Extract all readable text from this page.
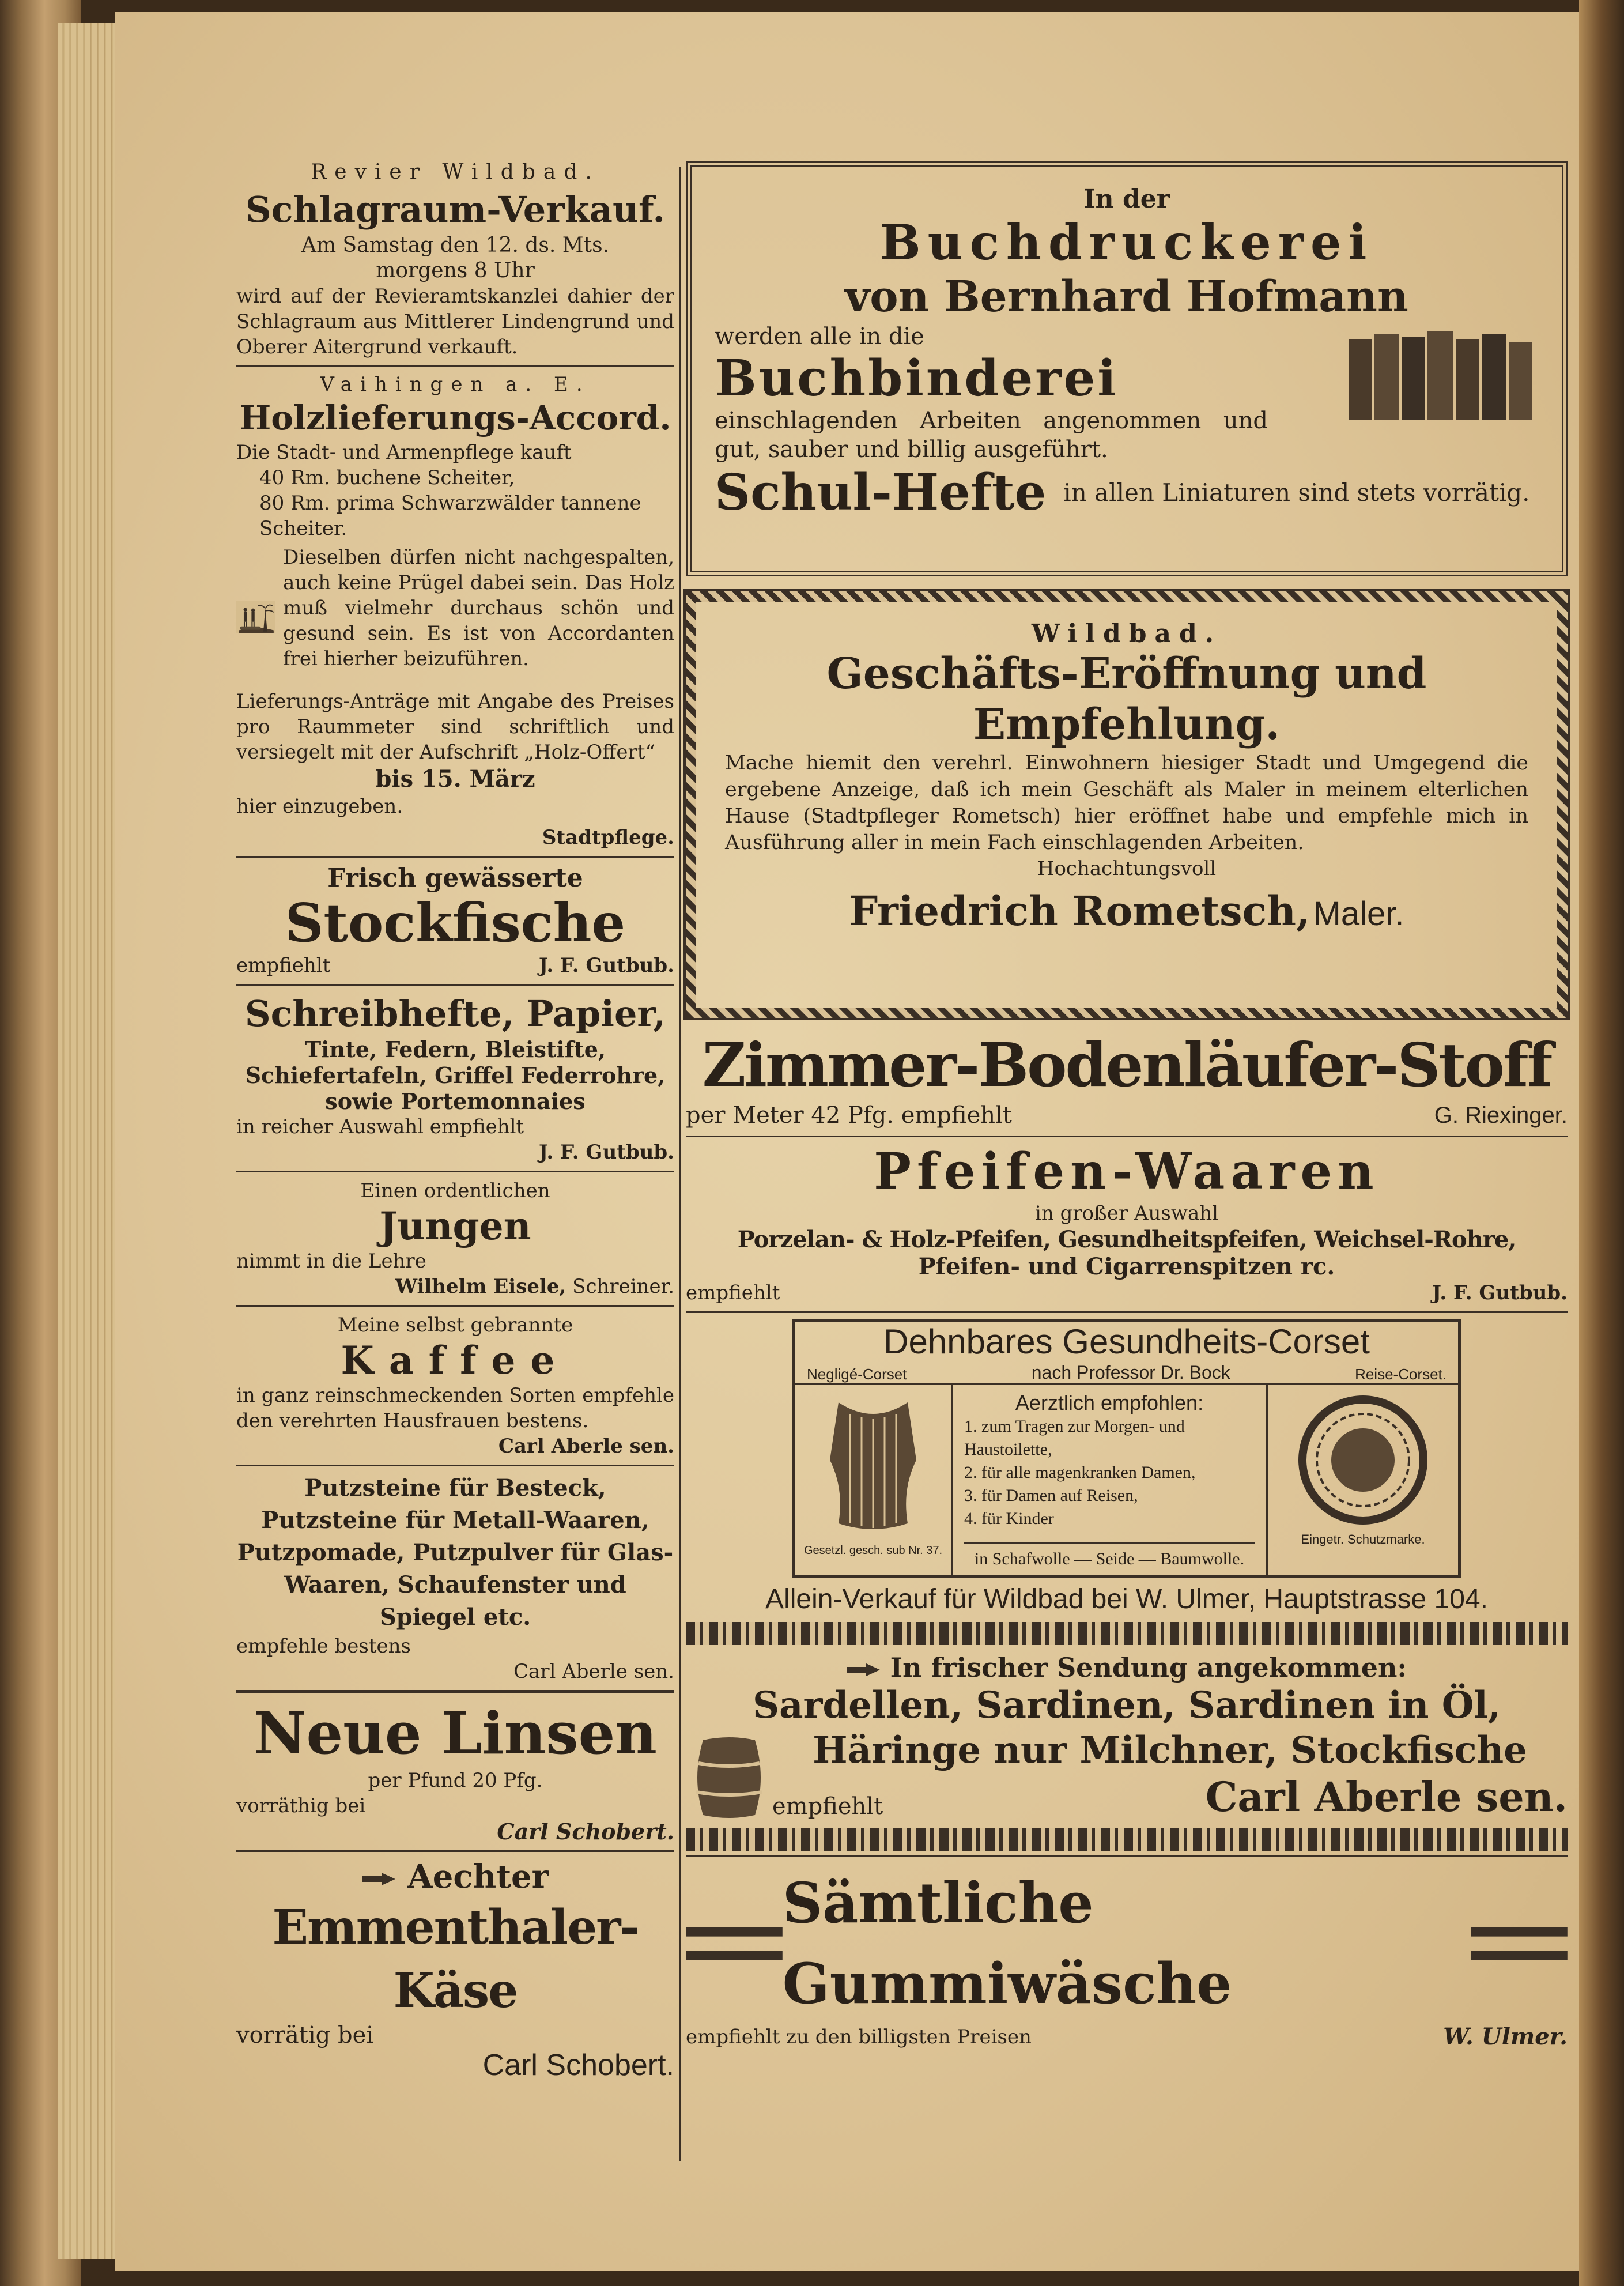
Revier Wildbad.
Schlagraum-Verkauf.
Am Samstag den 12. ds. Mts.
morgens 8 Uhr
wird auf der Revieramtskanzlei dahier der Schlagraum aus Mittlerer Lindengrund und Oberer Aitergrund verkauft.
Vaihingen a. E.
Holzlieferungs-Accord.
Die Stadt- und Armenpflege kauft
40 Rm. buchene Scheiter,
80 Rm. prima Schwarzwälder tannene Scheiter.
Dieselben dürfen nicht nachgespalten, auch keine Prügel dabei sein. Das Holz muß vielmehr durchaus schön und gesund sein. Es ist von Accordanten frei hierher beizuführen.
Lieferungs-Anträge mit Angabe des Preises pro Raummeter sind schriftlich und versiegelt mit der Aufschrift „Holz-Offert“
bis 15. März
hier einzugeben.
Stadtpflege.
Frisch gewässerte
Stockfische
empfiehlt	J. F. Gutbub.
Schreibhefte, Papier,
Tinte, Federn, Bleistifte,
Schiefertafeln, Griffel Federrohre,
sowie Portemonnaies
in reicher Auswahl empfiehlt
J. F. Gutbub.
Einen ordentlichen
Jungen
nimmt in die Lehre
Wilhelm Eisele, Schreiner.
Meine selbst gebrannte
Kaffee
in ganz reinschmeckenden Sorten empfehle den verehrten Hausfrauen bestens.
Carl Aberle sen.
Putzsteine für Besteck, Putzsteine für Metall-Waaren, Putzpomade, Putzpulver für Glas-Waaren, Schaufenster und Spiegel etc.
empfehle bestens
Carl Aberle sen.
Neue Linsen
per Pfund 20 Pfg.
vorräthig bei
Carl Schobert.
Aechter
Emmenthaler-Käse
vorrätig bei
Carl Schobert.
In der
Buchdruckerei
von Bernhard Hofmann
werden alle in die
Buchbinderei
einschlagenden Arbeiten angenommen und gut, sauber und billig ausgeführt.
Schul-Hefte in allen Liniaturen sind stets vorrätig.
Wildbad.
Geschäfts-Eröffnung und
Empfehlung.
Mache hiemit den verehrl. Einwohnern hiesiger Stadt und Umgegend die ergebene Anzeige, daß ich mein Geschäft als Maler in meinem elterlichen Hause (Stadtpfleger Rometsch) hier eröffnet habe und empfehle mich in Ausführung aller in mein Fach einschlagenden Arbeiten.
Hochachtungsvoll
Friedrich Rometsch, Maler.
Zimmer-Bodenläufer-Stoff
per Meter 42 Pfg. empfiehlt	G. Riexinger.
Pfeifen-Waaren
in großer Auswahl
Porzelan- & Holz-Pfeifen, Gesundheitspfeifen, Weichsel-Rohre,
Pfeifen- und Cigarrenspitzen rc.
empfiehlt	J. F. Gutbub.
Dehnbares Gesundheits-Corset
Negligé-Corset	nach Professor Dr. Bock	Reise-Corset.
Gesetzl. gesch. sub Nr. 37.
Aerztlich empfohlen:
1. zum Tragen zur Morgen- und Haustoilette,
2. für alle magenkranken Damen,
3. für Damen auf Reisen,
4. für Kinder
in Schafwolle — Seide — Baumwolle.
Eingetr. Schutzmarke.
Allein-Verkauf für Wildbad bei W. Ulmer, Hauptstrasse 104.
In frischer Sendung angekommen:
Sardellen, Sardinen, Sardinen in Öl,
Häringe nur Milchner, Stockfische
empfiehlt	Carl Aberle sen.
Sämtliche Gummiwäsche
empfiehlt zu den billigsten Preisen	W. Ulmer.
